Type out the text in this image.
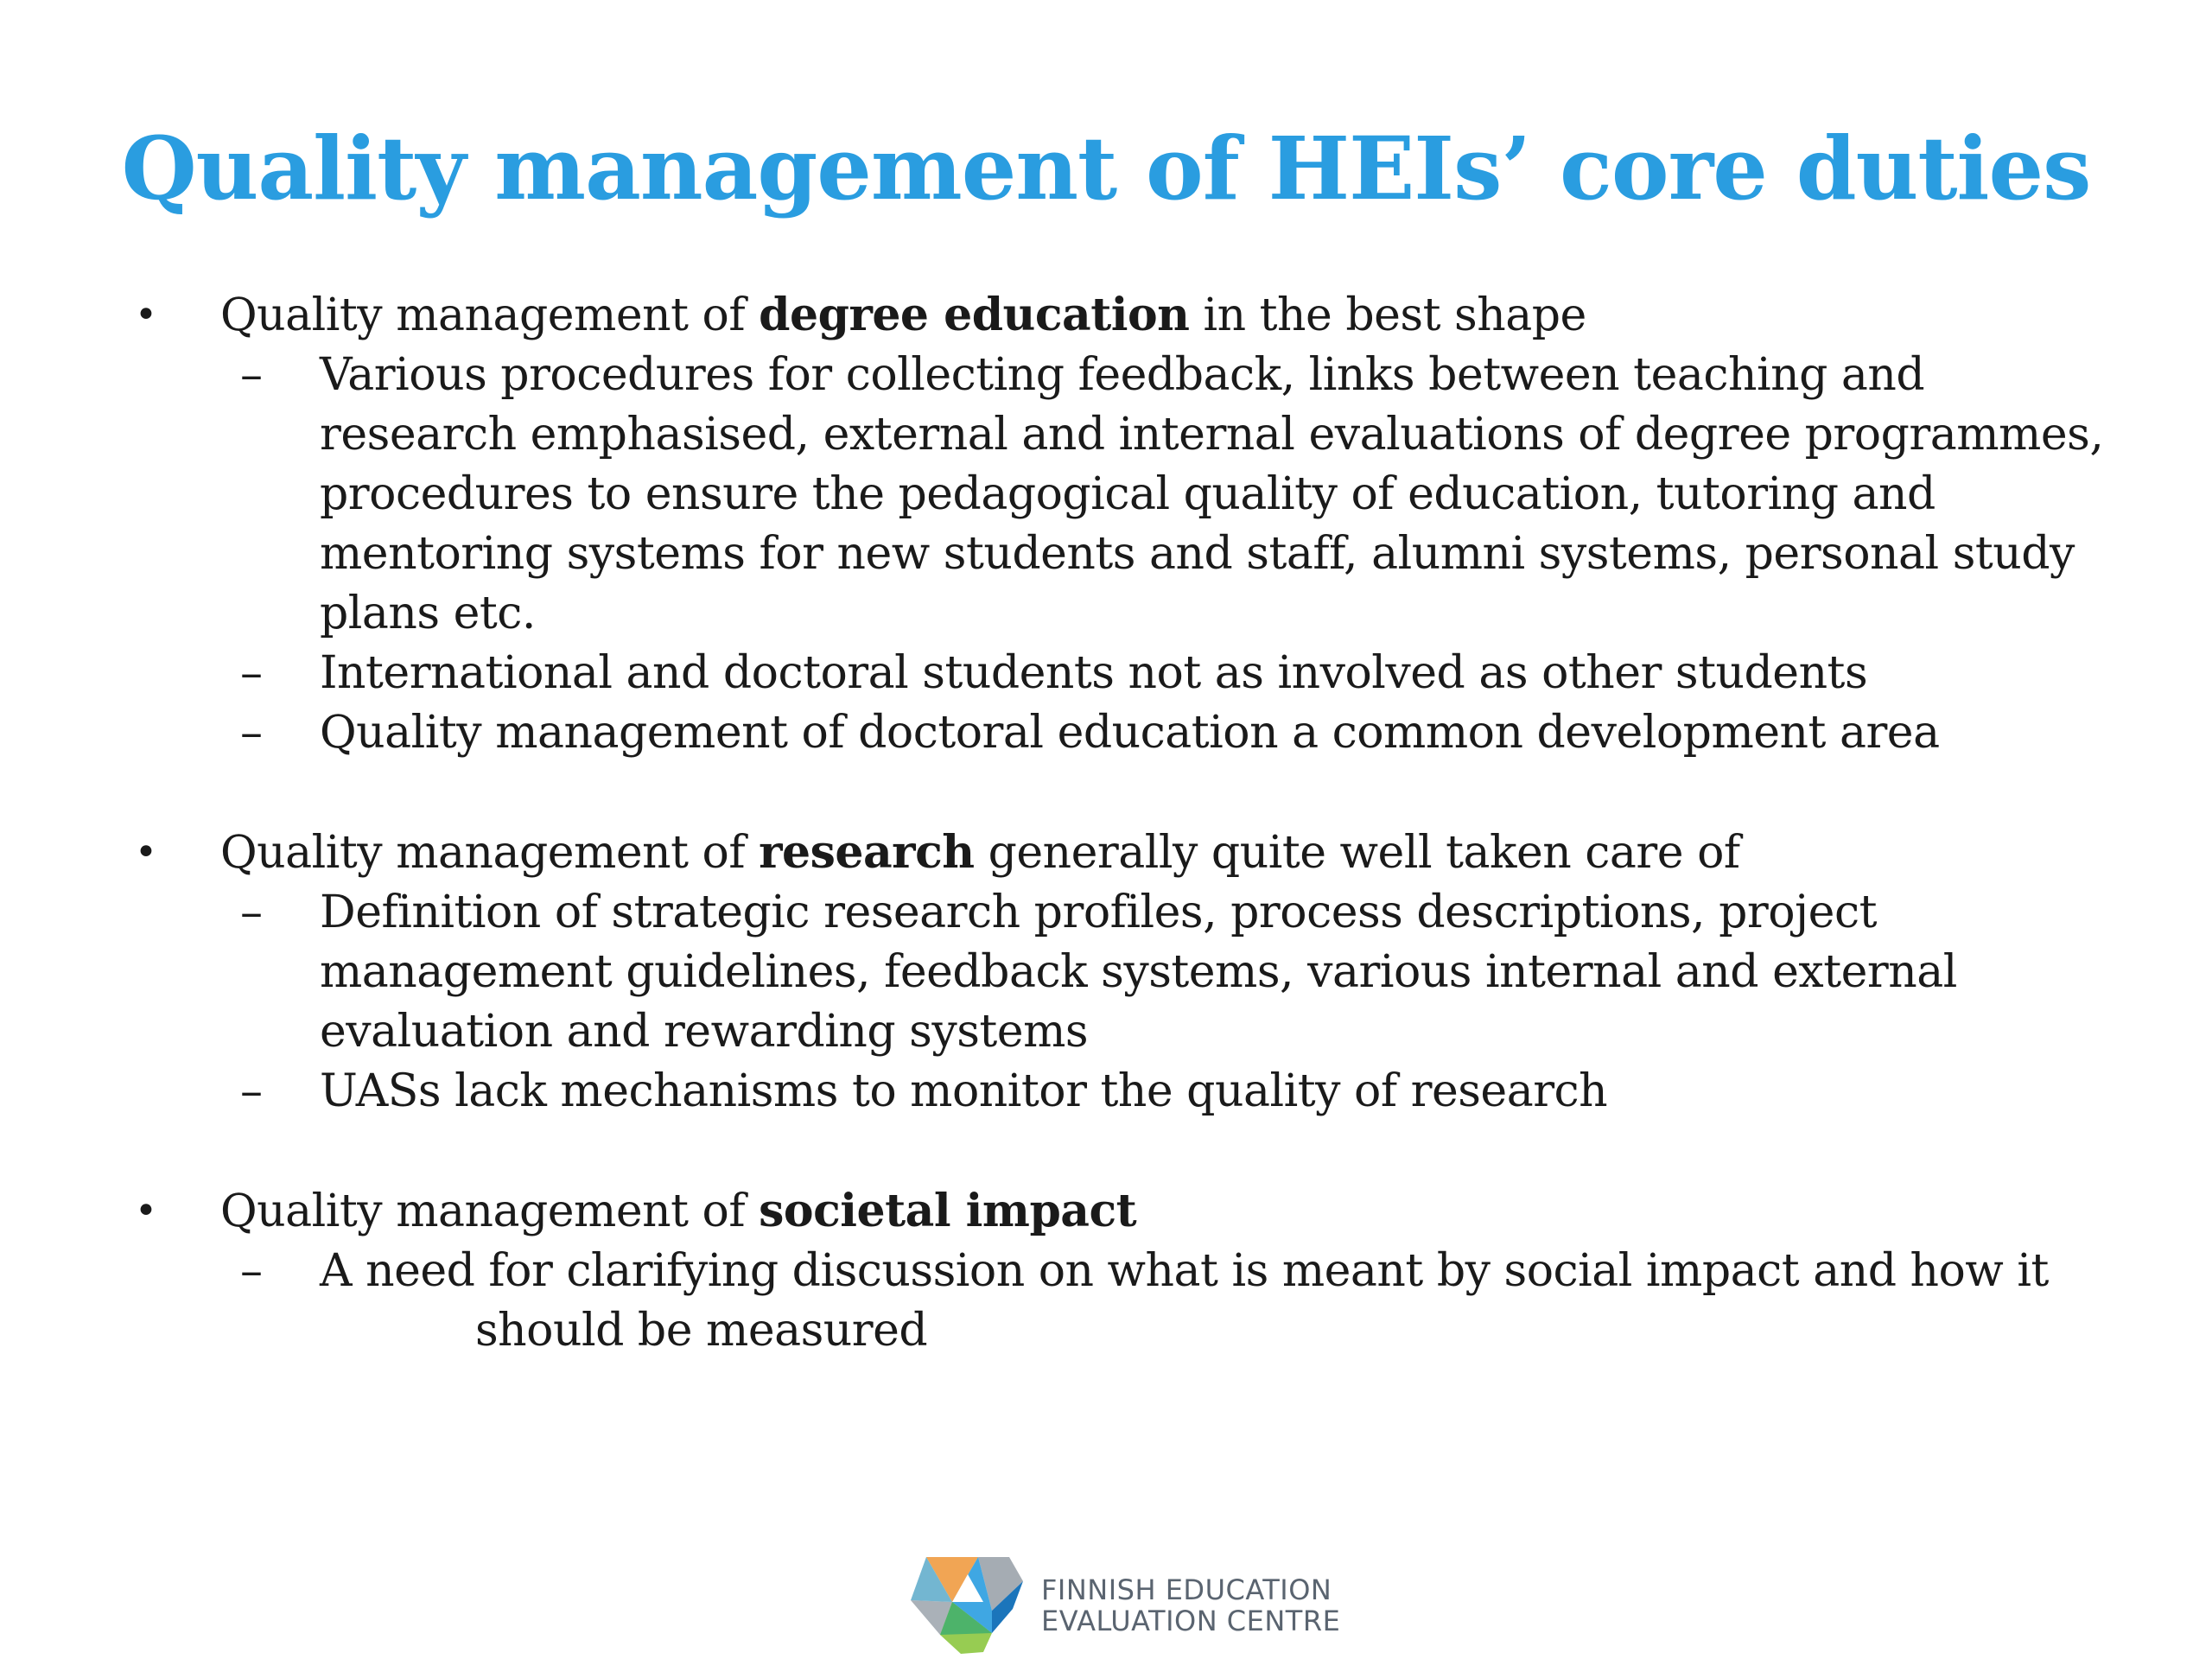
Quality management of HEIs’ core duties
• Quality management of degree education in the best shape
– Various procedures for collecting feedback, links between teaching and research emphasised, external and internal evaluations of degree programmes, procedures to ensure the pedagogical quality of education, tutoring and mentoring systems for new students and staff, alumni systems, personal study plans etc.
– International and doctoral students not as involved as other students
– Quality management of doctoral education a common development area
• Quality management of research generally quite well taken care of
– Definition of strategic research profiles, process descriptions, project management guidelines, feedback systems, various internal and external evaluation and rewarding systems
– UASs lack mechanisms to monitor the quality of research
• Quality management of societal impact
– A need for clarifying discussion on what is meant by social impact and how it
should be measured
FINNISH EDUCATION
EVALUATION CENTRE
